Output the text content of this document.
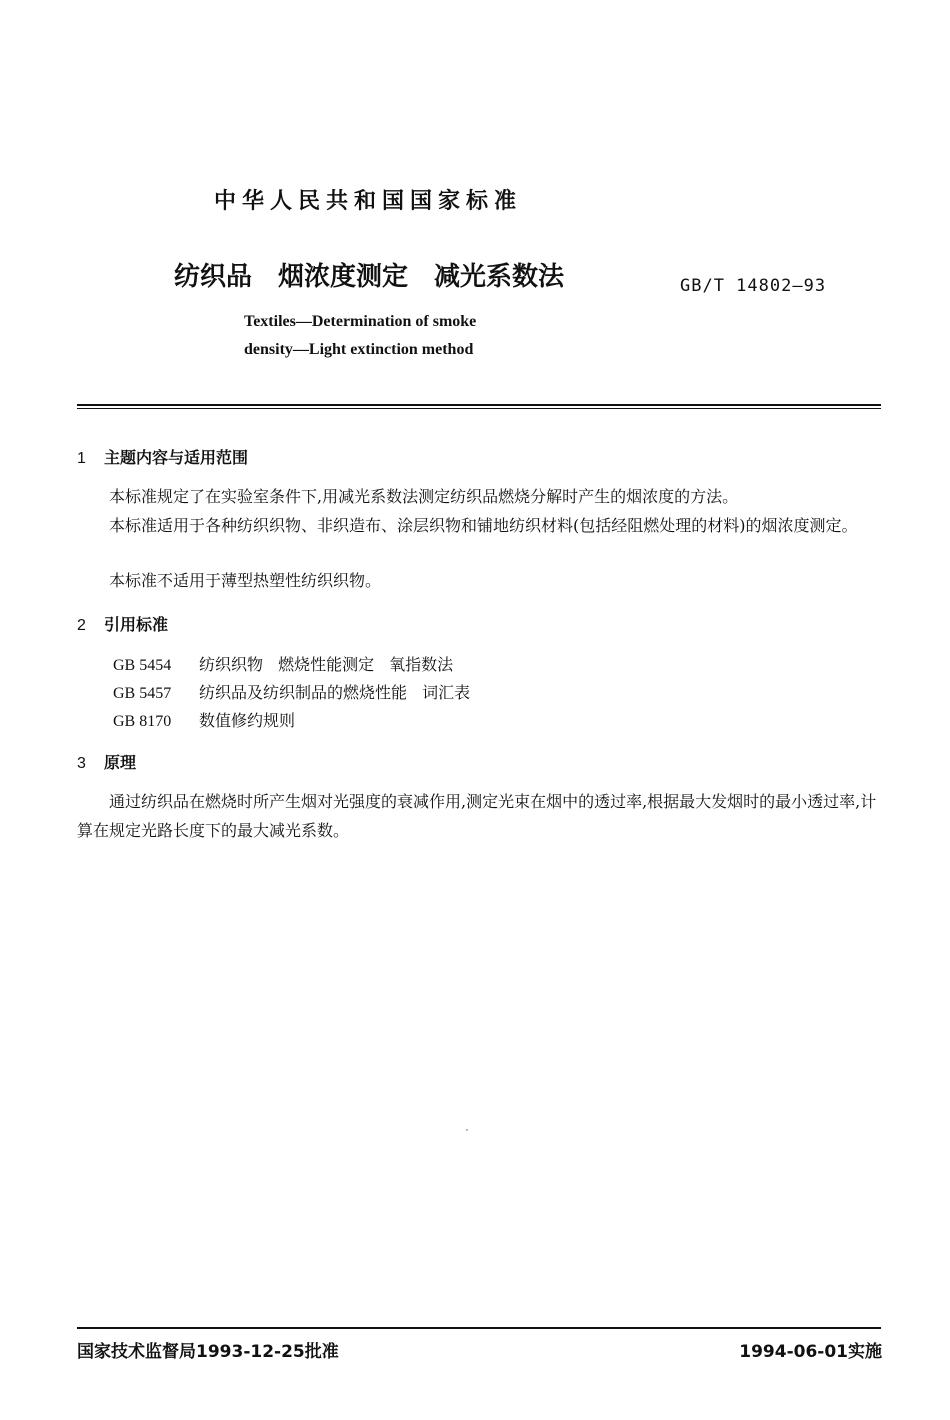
中华人民共和国国家标准
纺织品 烟浓度测定 减光系数法	GB/T 14802—93
Textiles—Determination of smoke
density—Light extinction method
1 主题内容与适用范围
本标准规定了在实验室条件下,用减光系数法测定纺织品燃烧分解时产生的烟浓度的方法。
本标准适用于各种纺织织物、非织造布、涂层织物和铺地纺织材料(包括经阻燃处理的材料)的烟浓度测定。
本标准不适用于薄型热塑性纺织织物。
2 引用标准
GB 5454 纺织织物 燃烧性能测定 氧指数法
GB 5457 纺织品及纺织制品的燃烧性能 词汇表
GB 8170 数值修约规则
3 原理
通过纺织品在燃烧时所产生烟对光强度的衰减作用,测定光束在烟中的透过率,根据最大发烟时的最小透过率,计算在规定光路长度下的最大减光系数。
国家技术监督局1993-12-25批准	1994-06-01实施
